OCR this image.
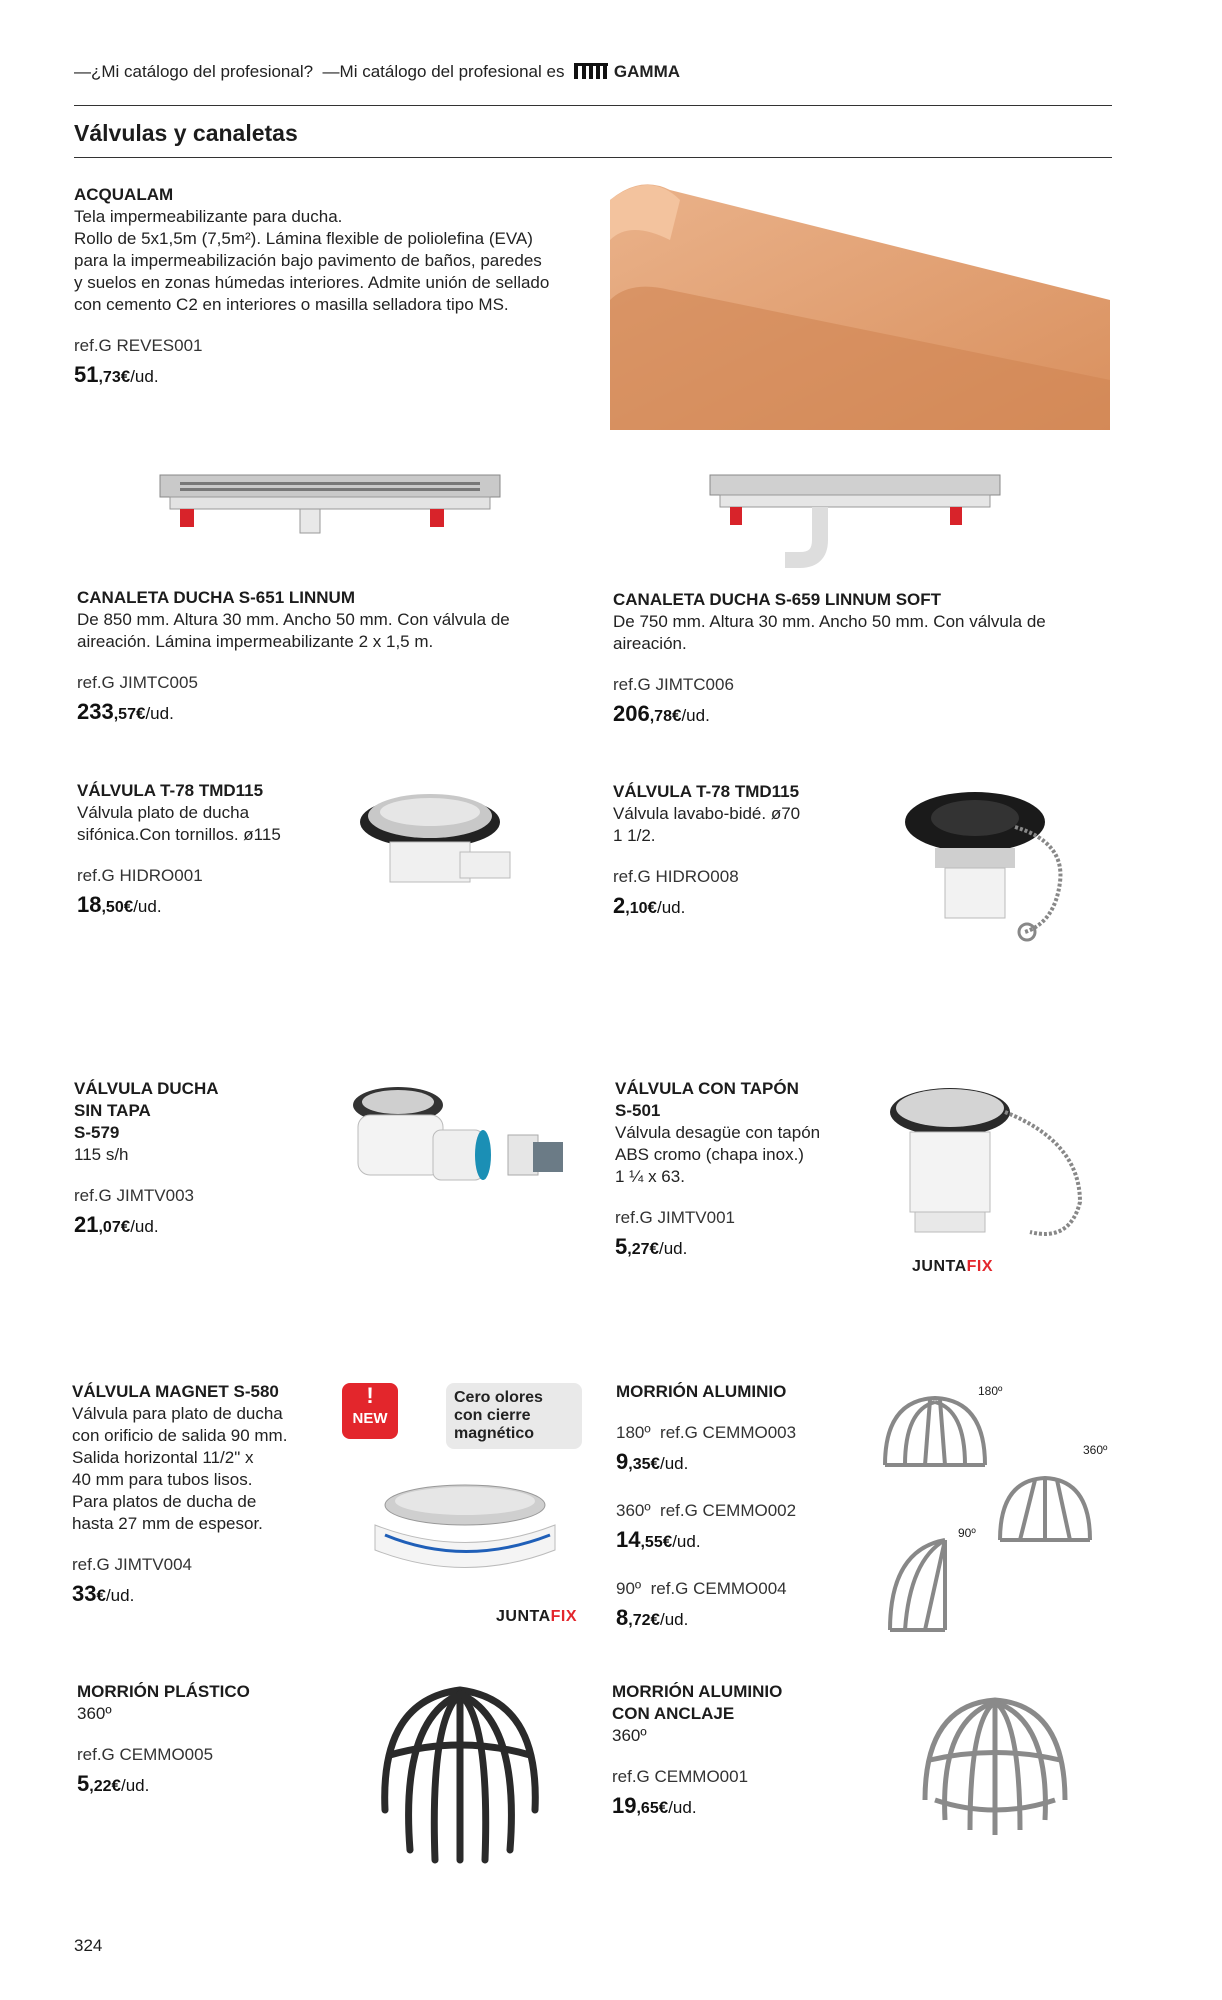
—¿Mi catálogo del profesional? —Mi catálogo del profesional es	GAMMA
Válvulas y canaletas
ACQUALAM
Tela impermeabilizante para ducha.
Rollo de 5x1,5m (7,5m²). Lámina flexible de poliolefina (EVA)
para la impermeabilización bajo pavimento de baños, paredes
y suelos en zonas húmedas interiores. Admite unión de sellado
con cemento C2 en interiores o masilla selladora tipo MS.
ref.G REVES001
51,73€/ud.
CANALETA DUCHA S-651 LINNUM
De 850 mm. Altura 30 mm. Ancho 50 mm. Con válvula de
aireación. Lámina impermeabilizante 2 x 1,5 m.
ref.G JIMTC005
233,57€/ud.
CANALETA DUCHA S-659 LINNUM SOFT
De 750 mm. Altura 30 mm. Ancho 50 mm. Con válvula de
aireación.
ref.G JIMTC006
206,78€/ud.
VÁLVULA T-78 TMD115
Válvula plato de ducha
sifónica.Con tornillos. ø115
ref.G HIDRO001
18,50€/ud.
VÁLVULA T-78 TMD115
Válvula lavabo-bidé. ø70
1 1/2.
ref.G HIDRO008
2,10€/ud.
VÁLVULA DUCHA
SIN TAPA
S-579
115 s/h
ref.G JIMTV003
21,07€/ud.
VÁLVULA CON TAPÓN
S-501
Válvula desagüe con tapón
ABS cromo (chapa inox.)
1 ¼ x 63.
ref.G JIMTV001
5,27€/ud.
JUNTAFIX
VÁLVULA MAGNET S-580
Válvula para plato de ducha
con orificio de salida 90 mm.
Salida horizontal 11/2" x
40 mm para tubos lisos.
Para platos de ducha de
hasta 27 mm de espesor.
ref.G JIMTV004
33€/ud.
!
NEW
Cero olores
con cierre
magnético
JUNTAFIX
MORRIÓN ALUMINIO
180º ref.G CEMMO003
9,35€/ud.
360º ref.G CEMMO002
14,55€/ud.
90º ref.G CEMMO004
8,72€/ud.
180º
360º
90º
MORRIÓN PLÁSTICO
360º
ref.G CEMMO005
5,22€/ud.
MORRIÓN ALUMINIO
CON ANCLAJE
360º
ref.G CEMMO001
19,65€/ud.
324
